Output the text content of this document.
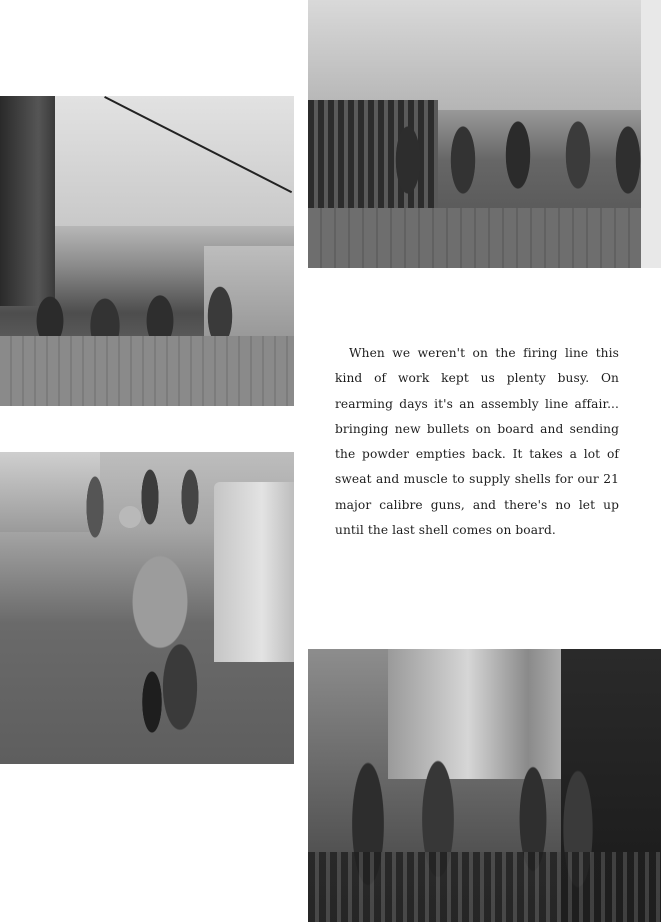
When we weren't on the firing line this kind of work kept us plenty busy. On rearming days it's an assembly line affair... bringing new bullets on board and sending the powder empties back. It takes a lot of sweat and muscle to supply shells for our 21 major calibre guns, and there's no let up until the last shell comes on board.
